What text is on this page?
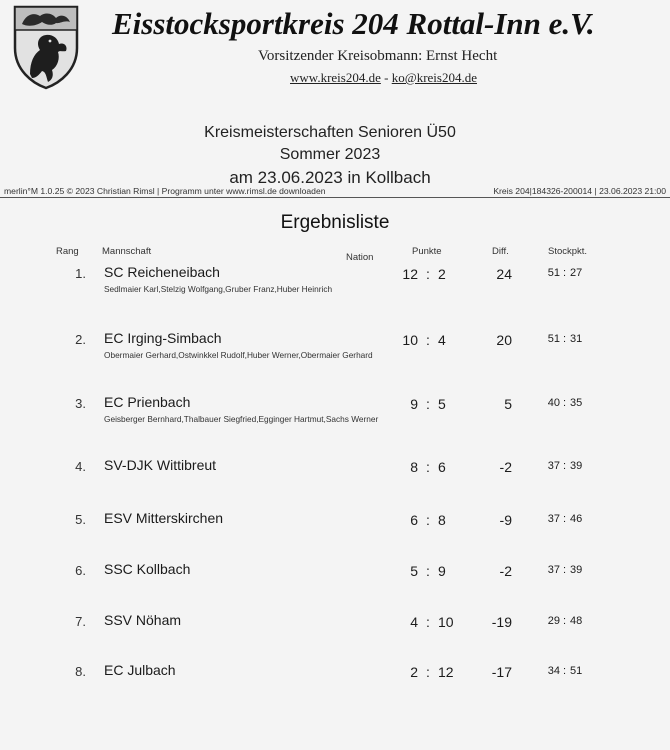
Eisstocksportkreis 204 Rottal-Inn e.V.
Vorsitzender Kreisobmann: Ernst Hecht
www.kreis204.de - ko@kreis204.de
Kreismeisterschaften Senioren Ü50
Sommer 2023
am 23.06.2023 in Kollbach
merlin°M 1.0.25 © 2023 Christian Rimsl | Programm unter www.rimsl.de downloaden	Kreis 204|184326-200014 | 23.06.2023 21:00
Ergebnisliste
Rang Mannschaft
Nation
Punkte	Diff.	Stockpkt.
1. SC Reicheneibach	12 : 2	24	51 : 27
Sedlmaier Karl,Stelzig Wolfgang,Gruber Franz,Huber Heinrich
2. EC Irging-Simbach	10 : 4	20	51 : 31
Obermaier Gerhard,Ostwinkkel Rudolf,Huber Werner,Obermaier Gerhard
3. EC Prienbach	9 : 5	5	40 : 35
Geisberger Bernhard,Thalbauer Siegfried,Egginger Hartmut,Sachs Werner
4. SV-DJK Wittibreut	8 : 6	-2	37 : 39
5. ESV Mitterskirchen	6 : 8	-9	37 : 46
6. SSC Kollbach	5 : 9	-2	37 : 39
7. SSV Nöham	4 : 10	-19	29 : 48
8. EC Julbach	2 : 12	-17	34 : 51
